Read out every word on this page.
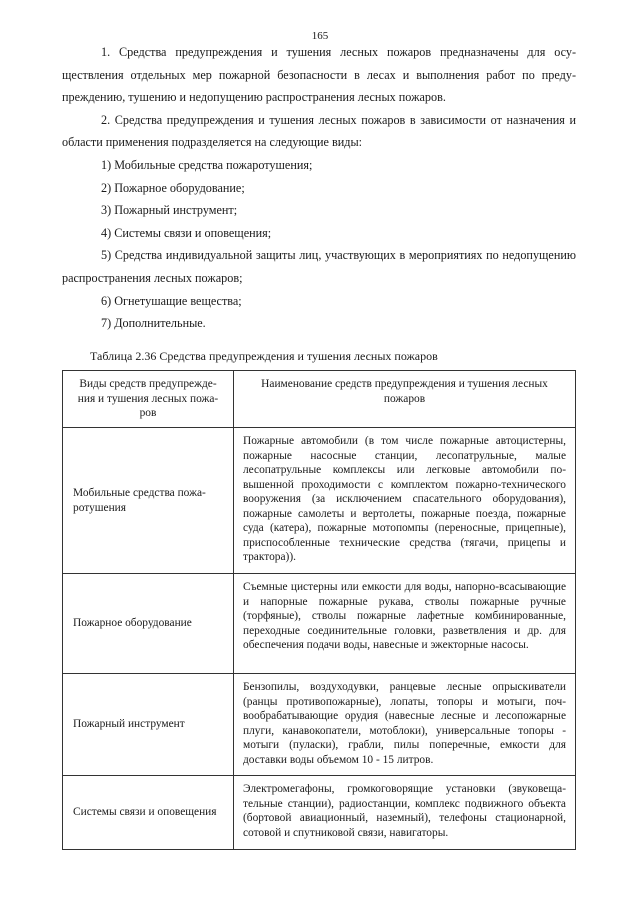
165

1. Средства предупреждения и тушения лесных пожаров предназначены для осуществления отдельных мер пожарной безопасности в лесах и выполнения работ по предупреждению, тушению и недопущению распространения лесных пожаров.

2. Средства предупреждения и тушения лесных пожаров в зависимости от назначения и области применения подразделяется на следующие виды:

1) Мобильные средства пожаротушения;

2) Пожарное оборудование;

3) Пожарный инструмент;

4) Системы связи и оповещения;

5) Средства индивидуальной защиты лиц, участвующих в мероприятиях по недопущению распространения лесных пожаров;

6) Огнетушащие вещества;

7) Дополнительные.

Таблица 2.36 Средства предупреждения и тушения лесных пожаров
Виды средств предупреждения и тушения лесных пожаров	Наименование средств предупреждения и тушения лесных пожаров

Мобильные средства пожаротушения	Пожарные автомобили (в том числе пожарные автоцистерны, пожарные насосные станции, лесопатрульные, малые лесопатрульные комплексы или легковые автомобили повышенной проходимости с комплектом пожарно-технического вооружения (за исключением спасательного оборудования), пожарные самолеты и вертолеты, пожарные поезда, пожарные суда (катера), пожарные мотопомпы (переносные, прицепные), приспособленные технические средства (тягачи, прицепы и трактора)).

Пожарное оборудование	Съемные цистерны или емкости для воды, напорно-всасывающие и напорные пожарные рукава, стволы пожарные ручные (торфяные), стволы пожарные лафетные комбинированные, переходные соединительные головки, разветвления и др. для обеспечения подачи воды, навесные и эжекторные насосы.

Пожарный инструмент	Бензопилы, воздуходувки, ранцевые лесные опрыскиватели (ранцы противопожарные), лопаты, топоры и мотыги, почвообрабатывающие орудия (навесные лесные и лесопожарные плуги, канавокопатели, мотоблоки), универсальные топоры - мотыги (пуласки), грабли, пилы поперечные, емкости для доставки воды объемом 10 - 15 литров.

Системы связи и оповещения	Электромегафоны, громкоговорящие установки (звуковещательные станции), радиостанции, комплекс подвижного объекта (бортовой авиационный, наземный), телефоны стационарной, сотовой и спутниковой связи, навигаторы.
